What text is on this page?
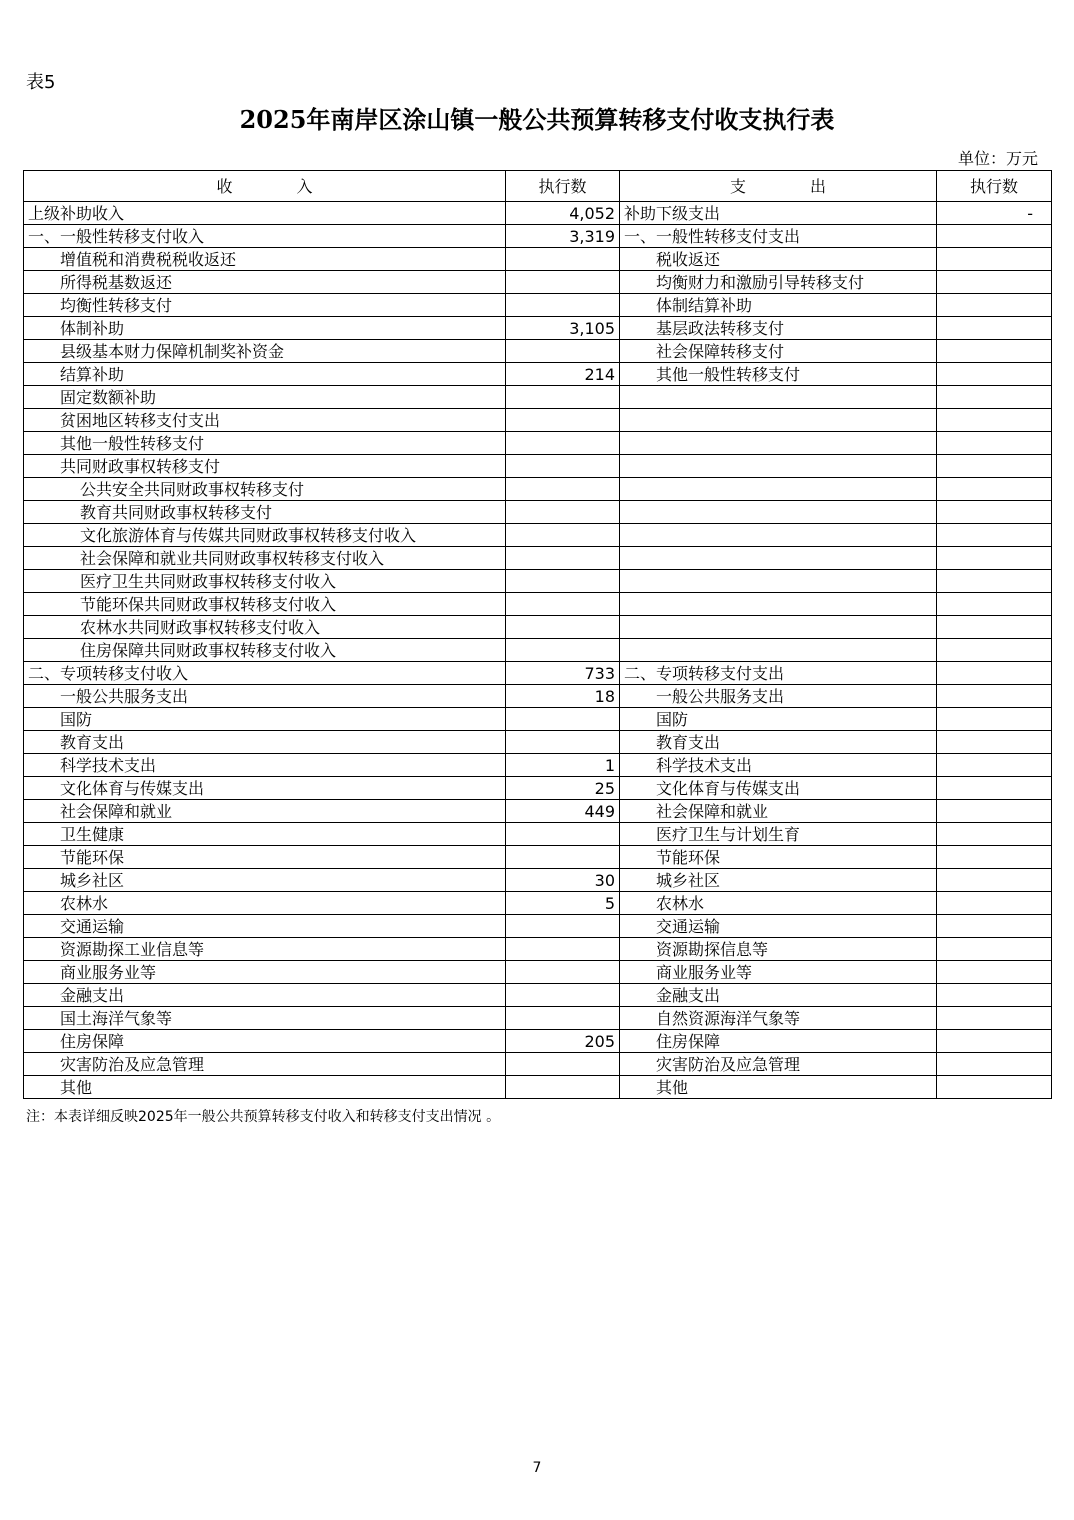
表5
2025年南岸区涂山镇一般公共预算转移支付收支执行表
单位：万元
收　　　　入	执行数	支　　　　出	执行数
上级补助收入	4,052	补助下级支出	-
一、一般性转移支付收入	3,319	一、一般性转移支付支出	
增值税和消费税税收返还		税收返还	
所得税基数返还		均衡财力和激励引导转移支付	
均衡性转移支付		体制结算补助	
体制补助	3,105	基层政法转移支付	
县级基本财力保障机制奖补资金		社会保障转移支付	
结算补助	214	其他一般性转移支付	
固定数额补助			
贫困地区转移支付支出			
其他一般性转移支付			
共同财政事权转移支付			
公共安全共同财政事权转移支付			
教育共同财政事权转移支付			
文化旅游体育与传媒共同财政事权转移支付收入			
社会保障和就业共同财政事权转移支付收入			
医疗卫生共同财政事权转移支付收入			
节能环保共同财政事权转移支付收入			
农林水共同财政事权转移支付收入			
住房保障共同财政事权转移支付收入			
二、专项转移支付收入	733	二、专项转移支付支出	
一般公共服务支出	18	一般公共服务支出	
国防		国防	
教育支出		教育支出	
科学技术支出	1	科学技术支出	
文化体育与传媒支出	25	文化体育与传媒支出	
社会保障和就业	449	社会保障和就业	
卫生健康		医疗卫生与计划生育	
节能环保		节能环保	
城乡社区	30	城乡社区	
农林水	5	农林水	
交通运输		交通运输	
资源勘探工业信息等		资源勘探信息等	
商业服务业等		商业服务业等	
金融支出		金融支出	
国土海洋气象等		自然资源海洋气象等	
住房保障	205	住房保障	
灾害防治及应急管理		灾害防治及应急管理	
其他		其他	
注：本表详细反映2025年一般公共预算转移支付收入和转移支付支出情况 。
7
